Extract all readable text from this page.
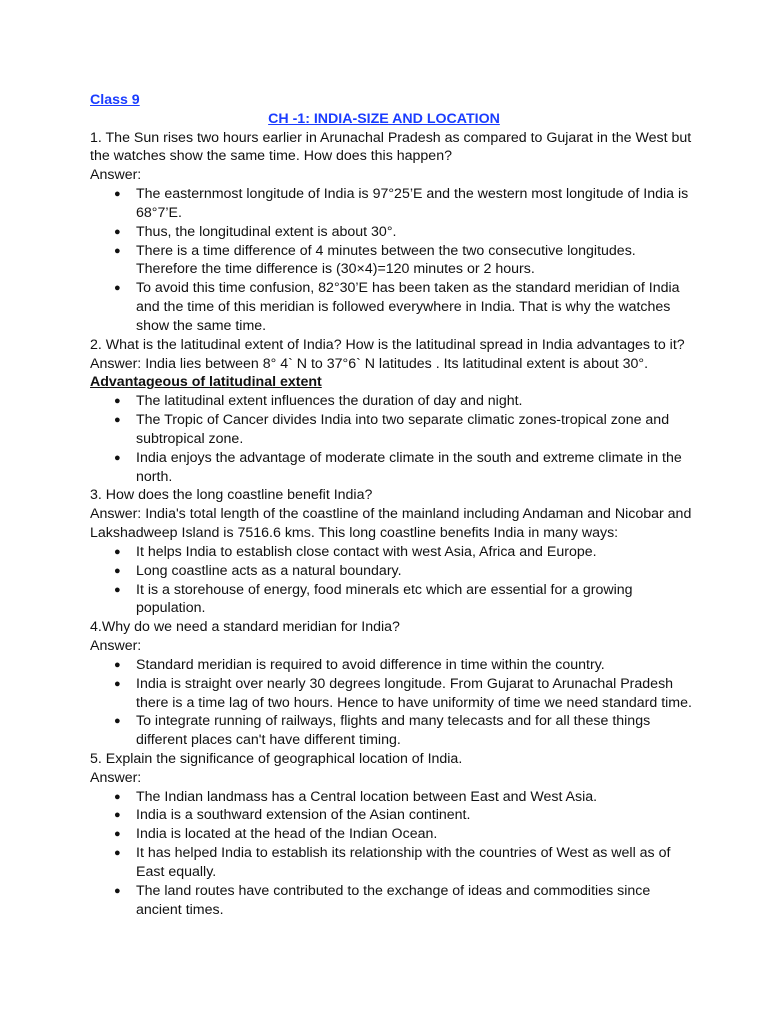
Class 9
CH -1: INDIA-SIZE AND LOCATION
1. The Sun rises two hours earlier in Arunachal Pradesh as compared to Gujarat in the West but
the watches show the same time. How does this happen?
Answer:
● The easternmost longitude of India is 97°25’E and the western most longitude of India is
68°7’E.
● Thus, the longitudinal extent is about 30°.
● There is a time difference of 4 minutes between the two consecutive longitudes.
Therefore the time difference is (30×4)=120 minutes or 2 hours.
● To avoid this time confusion, 82°30’E has been taken as the standard meridian of India
and the time of this meridian is followed everywhere in India. That is why the watches
show the same time.
2. What is the latitudinal extent of India? How is the latitudinal spread in India advantages to it?
Answer: India lies between 8° 4` N to 37°6` N latitudes . Its latitudinal extent is about 30°.
Advantageous of latitudinal extent
● The latitudinal extent influences the duration of day and night.
● The Tropic of Cancer divides India into two separate climatic zones-tropical zone and
subtropical zone.
● India enjoys the advantage of moderate climate in the south and extreme climate in the
north.
3. How does the long coastline benefit India?
Answer: India's total length of the coastline of the mainland including Andaman and Nicobar and
Lakshadweep Island is 7516.6 kms. This long coastline benefits India in many ways:
● It helps India to establish close contact with west Asia, Africa and Europe.
● Long coastline acts as a natural boundary.
● It is a storehouse of energy, food minerals etc which are essential for a growing
population.
4.Why do we need a standard meridian for India?
Answer:
● Standard meridian is required to avoid difference in time within the country.
● India is straight over nearly 30 degrees longitude. From Gujarat to Arunachal Pradesh
there is a time lag of two hours. Hence to have uniformity of time we need standard time.
● To integrate running of railways, flights and many telecasts and for all these things
different places can't have different timing.
5. Explain the significance of geographical location of India.
Answer:
● The Indian landmass has a Central location between East and West Asia.
● India is a southward extension of the Asian continent.
● India is located at the head of the Indian Ocean.
● It has helped India to establish its relationship with the countries of West as well as of
East equally.
● The land routes have contributed to the exchange of ideas and commodities since
ancient times.
